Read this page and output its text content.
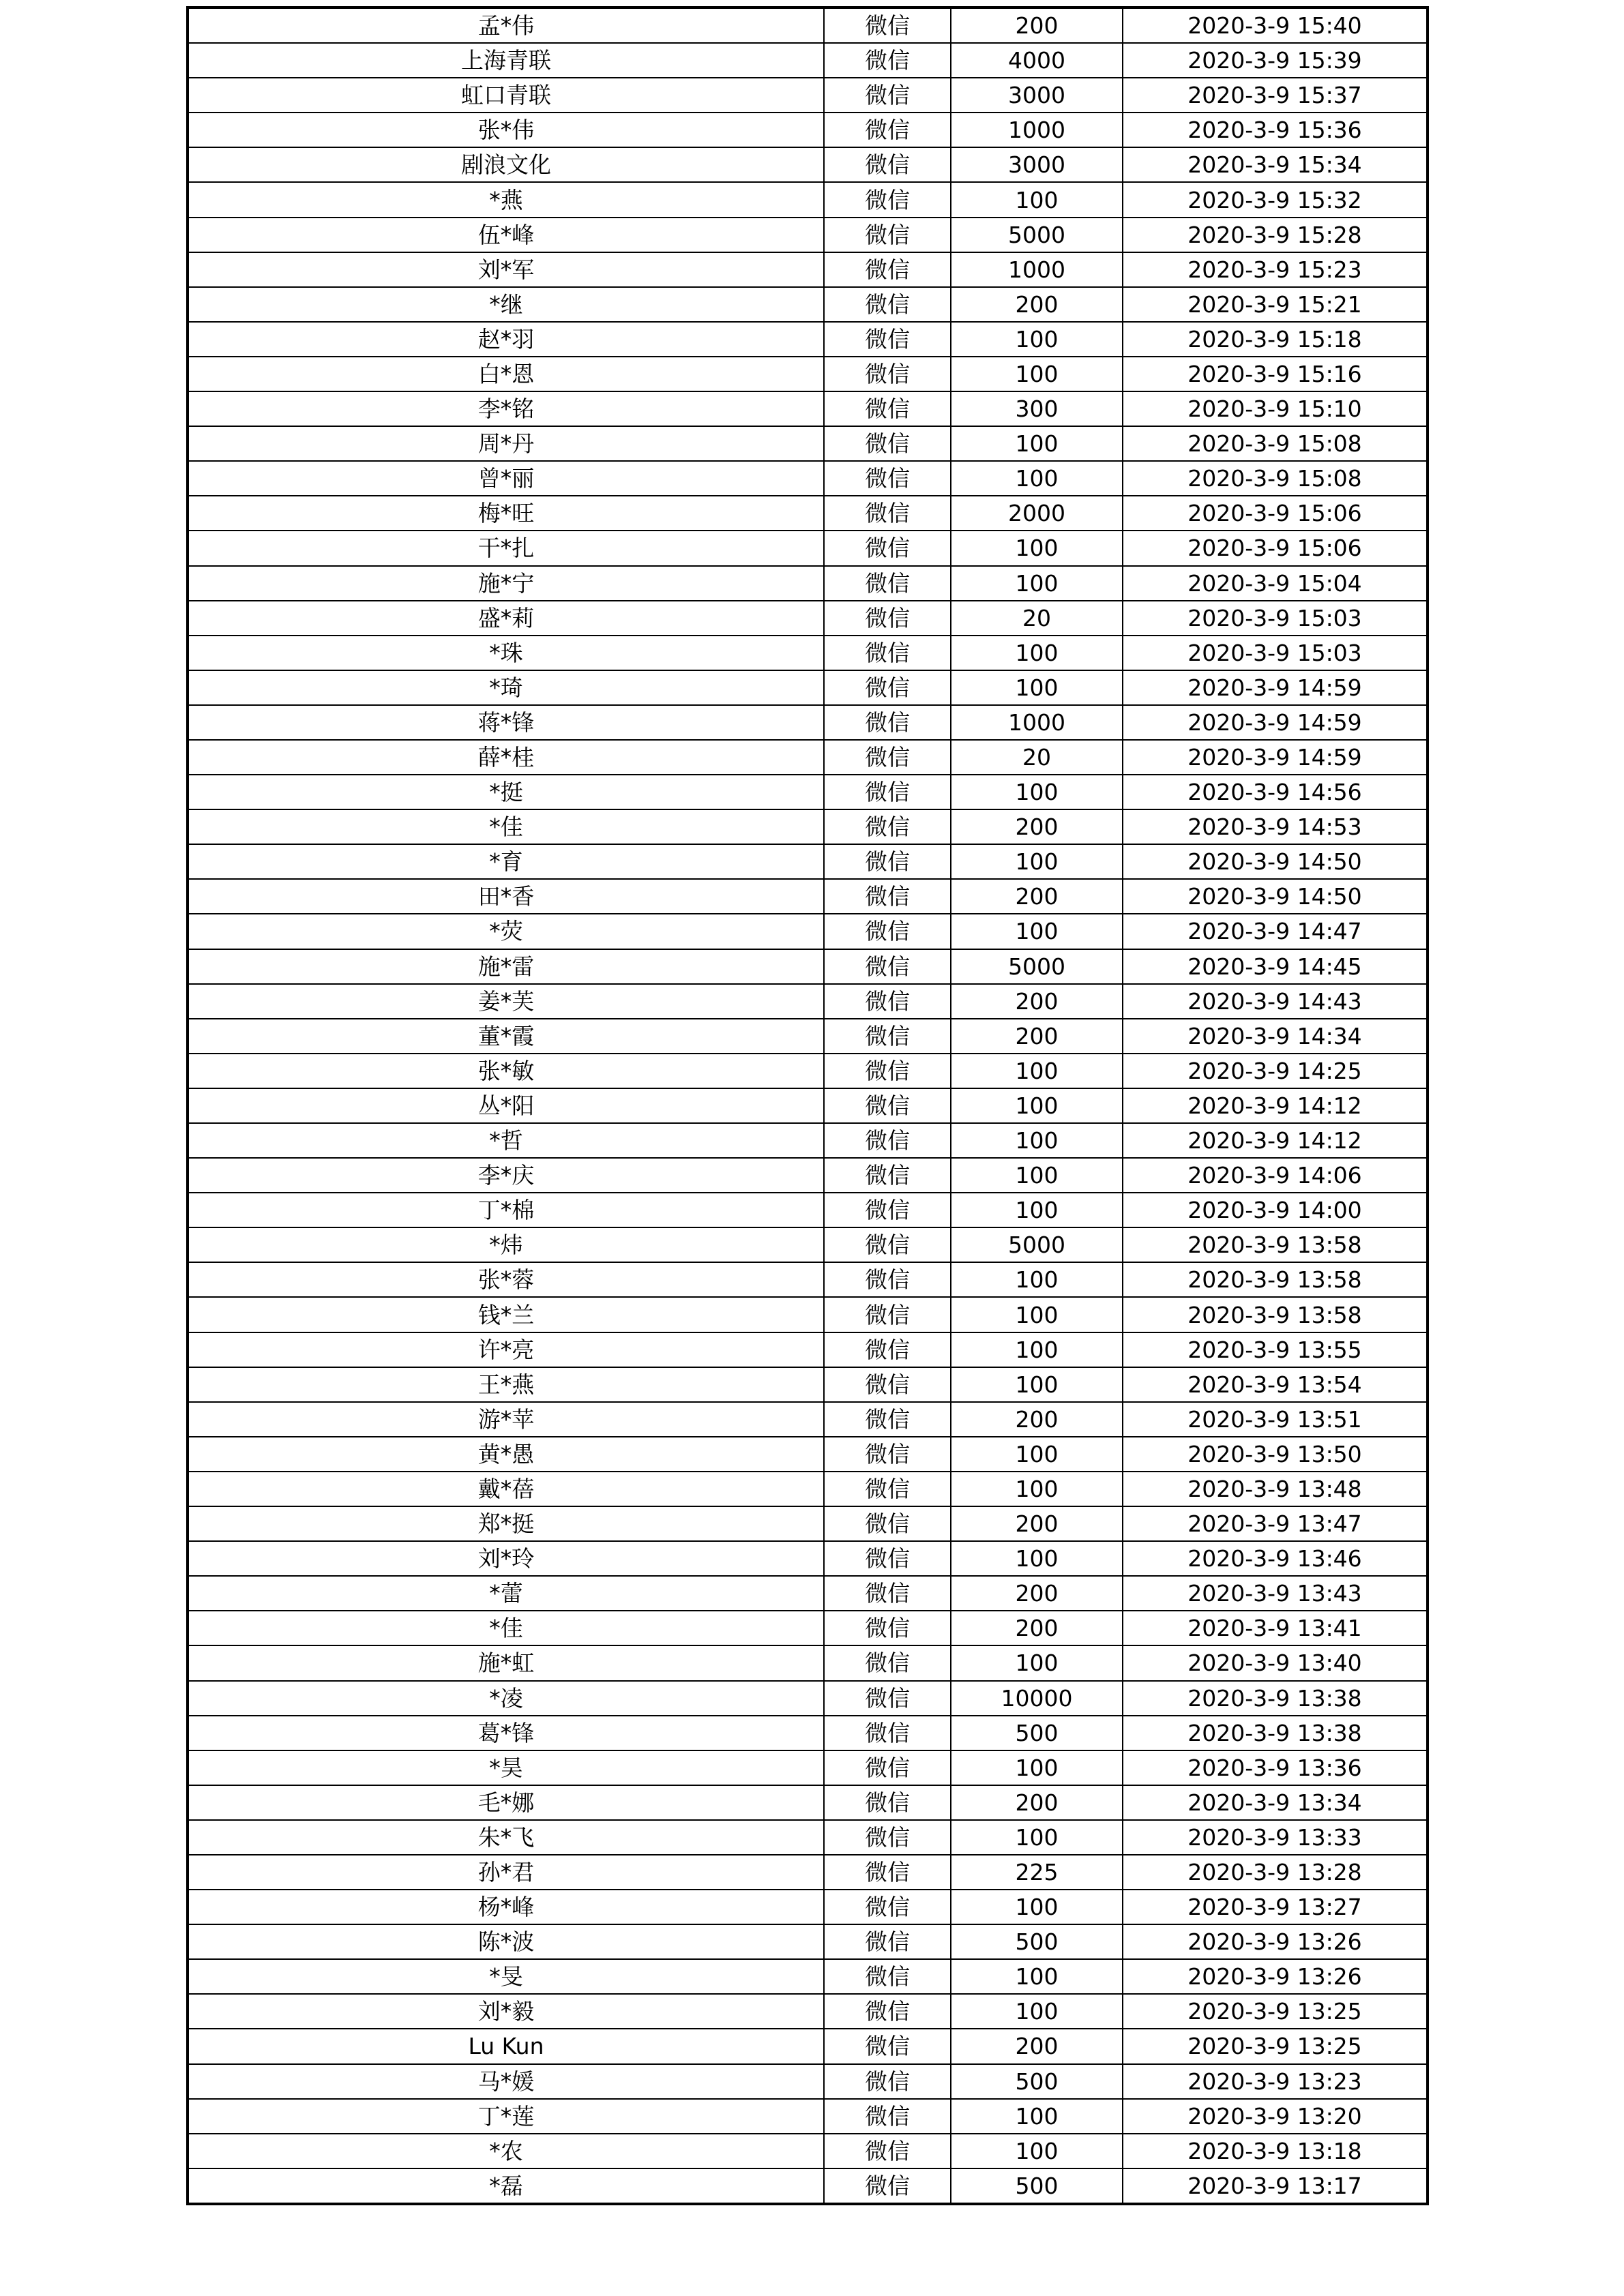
孟*伟	微信	200	2020-3-9 15:40
上海青联	微信	4000	2020-3-9 15:39
虹口青联	微信	3000	2020-3-9 15:37
张*伟	微信	1000	2020-3-9 15:36
剧浪文化	微信	3000	2020-3-9 15:34
*燕	微信	100	2020-3-9 15:32
伍*峰	微信	5000	2020-3-9 15:28
刘*军	微信	1000	2020-3-9 15:23
*继	微信	200	2020-3-9 15:21
赵*羽	微信	100	2020-3-9 15:18
白*恩	微信	100	2020-3-9 15:16
李*铭	微信	300	2020-3-9 15:10
周*丹	微信	100	2020-3-9 15:08
曾*丽	微信	100	2020-3-9 15:08
梅*旺	微信	2000	2020-3-9 15:06
干*扎	微信	100	2020-3-9 15:06
施*宁	微信	100	2020-3-9 15:04
盛*莉	微信	20	2020-3-9 15:03
*珠	微信	100	2020-3-9 15:03
*琦	微信	100	2020-3-9 14:59
蒋*锋	微信	1000	2020-3-9 14:59
薛*桂	微信	20	2020-3-9 14:59
*挺	微信	100	2020-3-9 14:56
*佳	微信	200	2020-3-9 14:53
*育	微信	100	2020-3-9 14:50
田*香	微信	200	2020-3-9 14:50
*荧	微信	100	2020-3-9 14:47
施*雷	微信	5000	2020-3-9 14:45
姜*芙	微信	200	2020-3-9 14:43
董*霞	微信	200	2020-3-9 14:34
张*敏	微信	100	2020-3-9 14:25
丛*阳	微信	100	2020-3-9 14:12
*哲	微信	100	2020-3-9 14:12
李*庆	微信	100	2020-3-9 14:06
丁*棉	微信	100	2020-3-9 14:00
*炜	微信	5000	2020-3-9 13:58
张*蓉	微信	100	2020-3-9 13:58
钱*兰	微信	100	2020-3-9 13:58
许*亮	微信	100	2020-3-9 13:55
王*燕	微信	100	2020-3-9 13:54
游*苹	微信	200	2020-3-9 13:51
黄*愚	微信	100	2020-3-9 13:50
戴*蓓	微信	100	2020-3-9 13:48
郑*挺	微信	200	2020-3-9 13:47
刘*玲	微信	100	2020-3-9 13:46
*蕾	微信	200	2020-3-9 13:43
*佳	微信	200	2020-3-9 13:41
施*虹	微信	100	2020-3-9 13:40
*凌	微信	10000	2020-3-9 13:38
葛*锋	微信	500	2020-3-9 13:38
*昊	微信	100	2020-3-9 13:36
毛*娜	微信	200	2020-3-9 13:34
朱*飞	微信	100	2020-3-9 13:33
孙*君	微信	225	2020-3-9 13:28
杨*峰	微信	100	2020-3-9 13:27
陈*波	微信	500	2020-3-9 13:26
*旻	微信	100	2020-3-9 13:26
刘*毅	微信	100	2020-3-9 13:25
Lu Kun	微信	200	2020-3-9 13:25
马*媛	微信	500	2020-3-9 13:23
丁*莲	微信	100	2020-3-9 13:20
*农	微信	100	2020-3-9 13:18
*磊	微信	500	2020-3-9 13:17
